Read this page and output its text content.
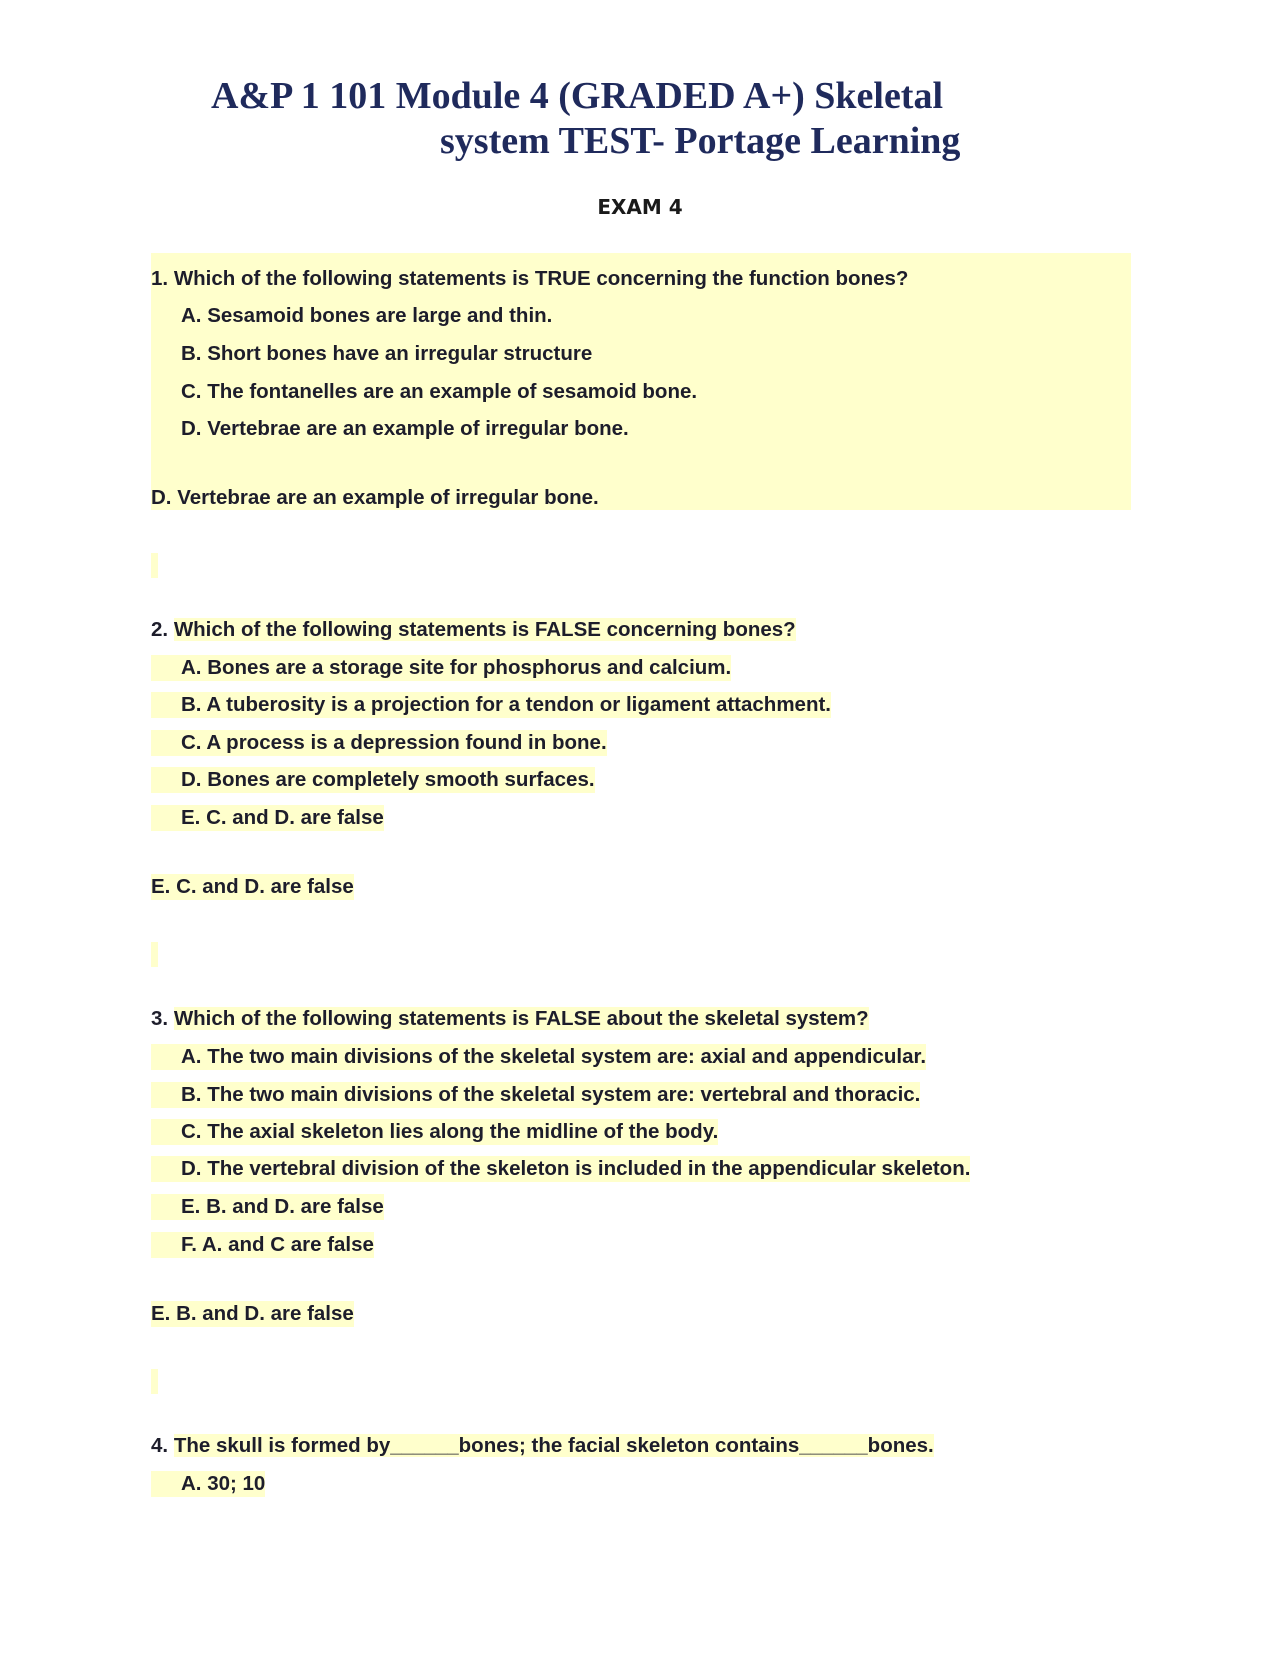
A&P 1 101 Module 4 (GRADED A+) Skeletal
system TEST- Portage Learning
EXAM 4
1. Which of the following statements is TRUE concerning the function bones?
A. Sesamoid bones are large and thin.
B. Short bones have an irregular structure
C. The fontanelles are an example of sesamoid bone.
D. Vertebrae are an example of irregular bone.
D. Vertebrae are an example of irregular bone.
2. Which of the following statements is FALSE concerning bones?
A. Bones are a storage site for phosphorus and calcium.
B. A tuberosity is a projection for a tendon or ligament attachment.
C. A process is a depression found in bone.
D. Bones are completely smooth surfaces.
E. C. and D. are false
E. C. and D. are false
3. Which of the following statements is FALSE about the skeletal system?
A. The two main divisions of the skeletal system are: axial and appendicular.
B. The two main divisions of the skeletal system are: vertebral and thoracic.
C. The axial skeleton lies along the midline of the body.
D. The vertebral division of the skeleton is included in the appendicular skeleton.
E. B. and D. are false
F. A. and C are false
E. B. and D. are false
4. The skull is formed by______bones; the facial skeleton contains______bones.
A. 30; 10
